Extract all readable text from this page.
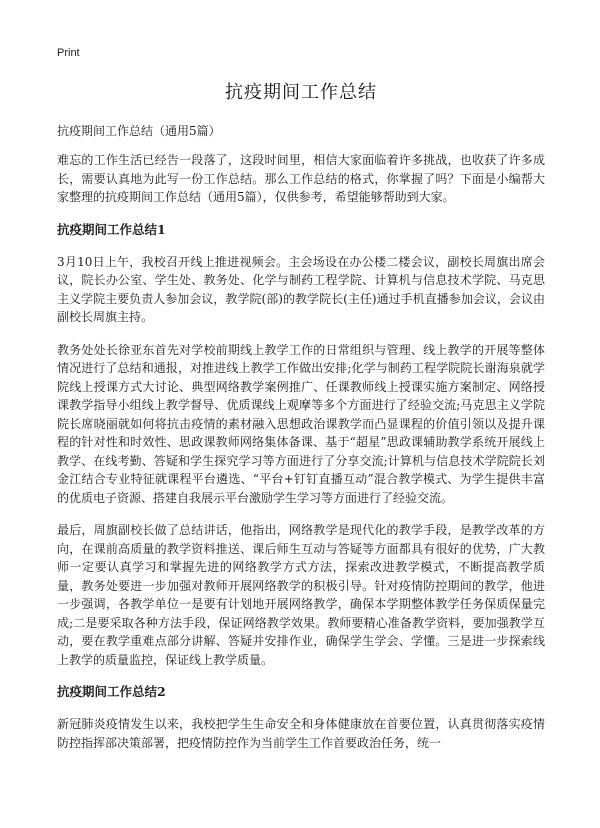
Print
抗疫期间工作总结

抗疫期间工作总结（通用5篇）

难忘的工作生活已经告一段落了，这段时间里，相信大家面临着许多挑战，也收获了许多成长，需要认真地为此写一份工作总结。那么工作总结的格式，你掌握了吗？下面是小编帮大家整理的抗疫期间工作总结（通用5篇），仅供参考，希望能够帮助到大家。

抗疫期间工作总结1

3月10日上午，我校召开线上推进视频会。主会场设在办公楼二楼会议，副校长周旗出席会议，院长办公室、学生处、教务处、化学与制药工程学院、计算机与信息技术学院、马克思主义学院主要负责人参加会议，教学院(部)的教学院长(主任)通过手机直播参加会议，会议由副校长周旗主持。

教务处处长徐亚东首先对学校前期线上教学工作的日常组织与管理、线上教学的开展等整体情况进行了总结和通报，对推进线上教学工作做出安排;化学与制药工程学院院长谢海泉就学院线上授课方式大讨论、典型网络教学案例推广、任课教师线上授课实施方案制定、网络授课教学指导小组线上教学督导、优质课线上观摩等多个方面进行了经验交流;马克思主义学院院长席晓丽就如何将抗击疫情的素材融入思想政治课教学而凸显课程的价值引领以及提升课程的针对性和时效性、思政课教师网络集体备课、基于“超星”思政课辅助教学系统开展线上教学、在线考勤、答疑和学生探究学习等方面进行了分享交流;计算机与信息技术学院院长刘金江结合专业特征就课程平台遴选、“平台+钉钉直播互动”混合教学模式、为学生提供丰富的优质电子资源、搭建自我展示平台激励学生学习等方面进行了经验交流。

最后，周旗副校长做了总结讲话，他指出，网络教学是现代化的教学手段，是教学改革的方向，在课前高质量的教学资料推送、课后师生互动与答疑等方面都具有很好的优势，广大教师一定要认真学习和掌握先进的网络教学方式方法，探索改进教学模式，不断提高教学质量，教务处要进一步加强对教师开展网络教学的积极引导。针对疫情防控期间的教学，他进一步强调，各教学单位一是要有计划地开展网络教学，确保本学期整体教学任务保质保量完成;二是要采取各种方法手段，保证网络教学效果。教师要精心准备教学资料，要加强教学互动，要在教学重难点部分讲解、答疑并安排作业，确保学生学会、学懂。三是进一步探索线上教学的质量监控，保证线上教学质量。

抗疫期间工作总结2

新冠肺炎疫情发生以来，我校把学生生命安全和身体健康放在首要位置，认真贯彻落实疫情防控指挥部决策部署，把疫情防控作为当前学生工作首要政治任务，统一
